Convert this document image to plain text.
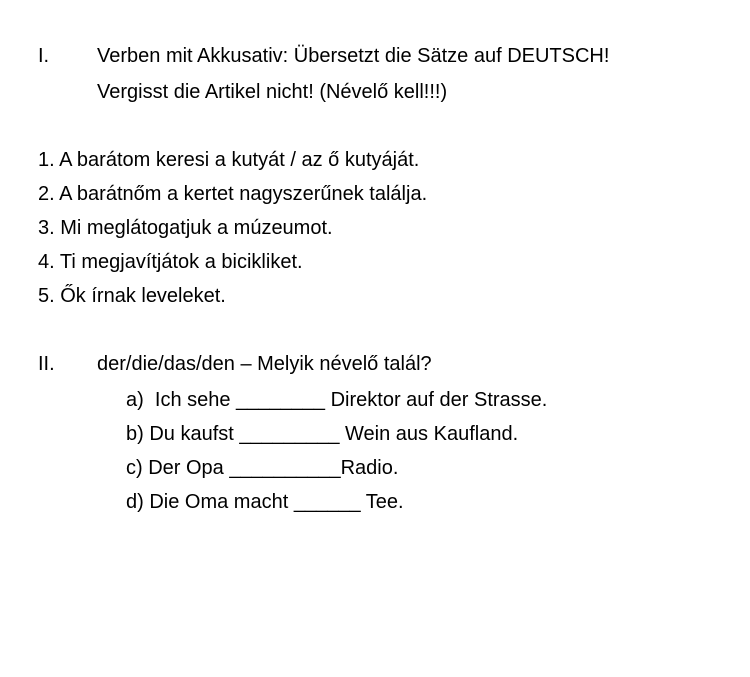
I. Verben mit Akkusativ: Übersetzt die Sätze auf DEUTSCH!
Vergisst die Artikel nicht! (Névelő kell!!!)
1. A barátom keresi a kutyát / az ő kutyáját.
2. A barátnőm a kertet nagyszerűnek találja.
3. Mi meglátogatjuk a múzeumot.
4. Ti megjavítjátok a bicikliket.
5. Ők írnak leveleket.
II. der/die/das/den – Melyik névelő talál?
a)  Ich sehe ________ Direktor auf der Strasse.
b) Du kaufst _________ Wein aus Kaufland.
c) Der Opa __________Radio.
d) Die Oma macht ______ Tee.
